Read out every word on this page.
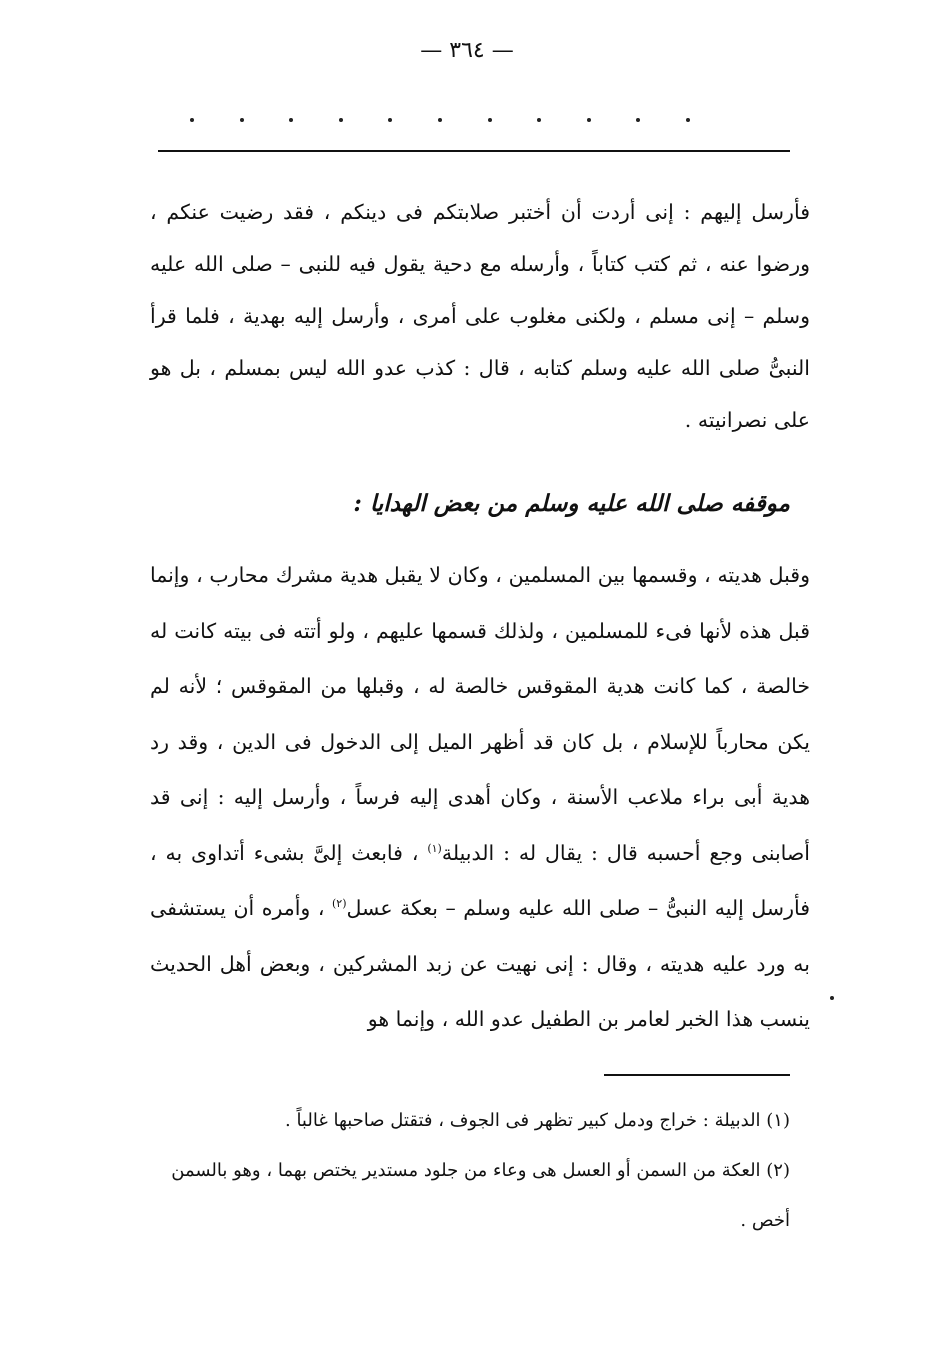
— ٣٦٤ —

فأرسل إليهم : إنى أردت أن أختبر صلابتكم فى دينكم ، فقد رضيت عنكم ، ورضوا عنه ، ثم كتب كتاباً ، وأرسله مع دحية يقول فيه للنبى – صلى الله عليه وسلم – إنى مسلم ، ولكنى مغلوب على أمرى ، وأرسل إليه بهدية ، فلما قرأ النبىُّ صلى الله عليه وسلم كتابه ، قال : كذب عدو الله ليس بمسلم ، بل هو على نصرانيته .

موقفه صلى الله عليه وسلم من بعض الهدايا :

وقبل هديته ، وقسمها بين المسلمين ، وكان لا يقبل هدية مشرك محارب ، وإنما قبل هذه لأنها فىء للمسلمين ، ولذلك قسمها عليهم ، ولو أتته فى بيته كانت له خالصة ، كما كانت هدية المقوقس خالصة له ، وقبلها من المقوقس ؛ لأنه لم يكن محارباً للإسلام ، بل كان قد أظهر الميل إلى الدخول فى الدين ، وقد رد هدية أبى براء ملاعب الأسنة ، وكان أهدى إليه فرساً ، وأرسل إليه : إنى قد أصابنى وجع أحسبه قال : يقال له : الدبيلة$^{(١)}$ ، فابعث إلىَّ بشىء أتداوى به ، فأرسل إليه النبىُّ – صلى الله عليه وسلم – بعكة عسل$^{(٢)}$ ، وأمره أن يستشفى به ورد عليه هديته ، وقال : إنى نهيت عن زبد المشركين ، وبعض أهل الحديث ينسب هذا الخبر لعامر بن الطفيل عدو الله ، وإنما هو

(١) الدبيلة : خراج ودمل كبير تظهر فى الجوف ، فتقتل صاحبها غالباً .

(٢) العكة من السمن أو العسل هى وعاء من جلود مستدير يختص بهما ، وهو بالسمن أخص .
